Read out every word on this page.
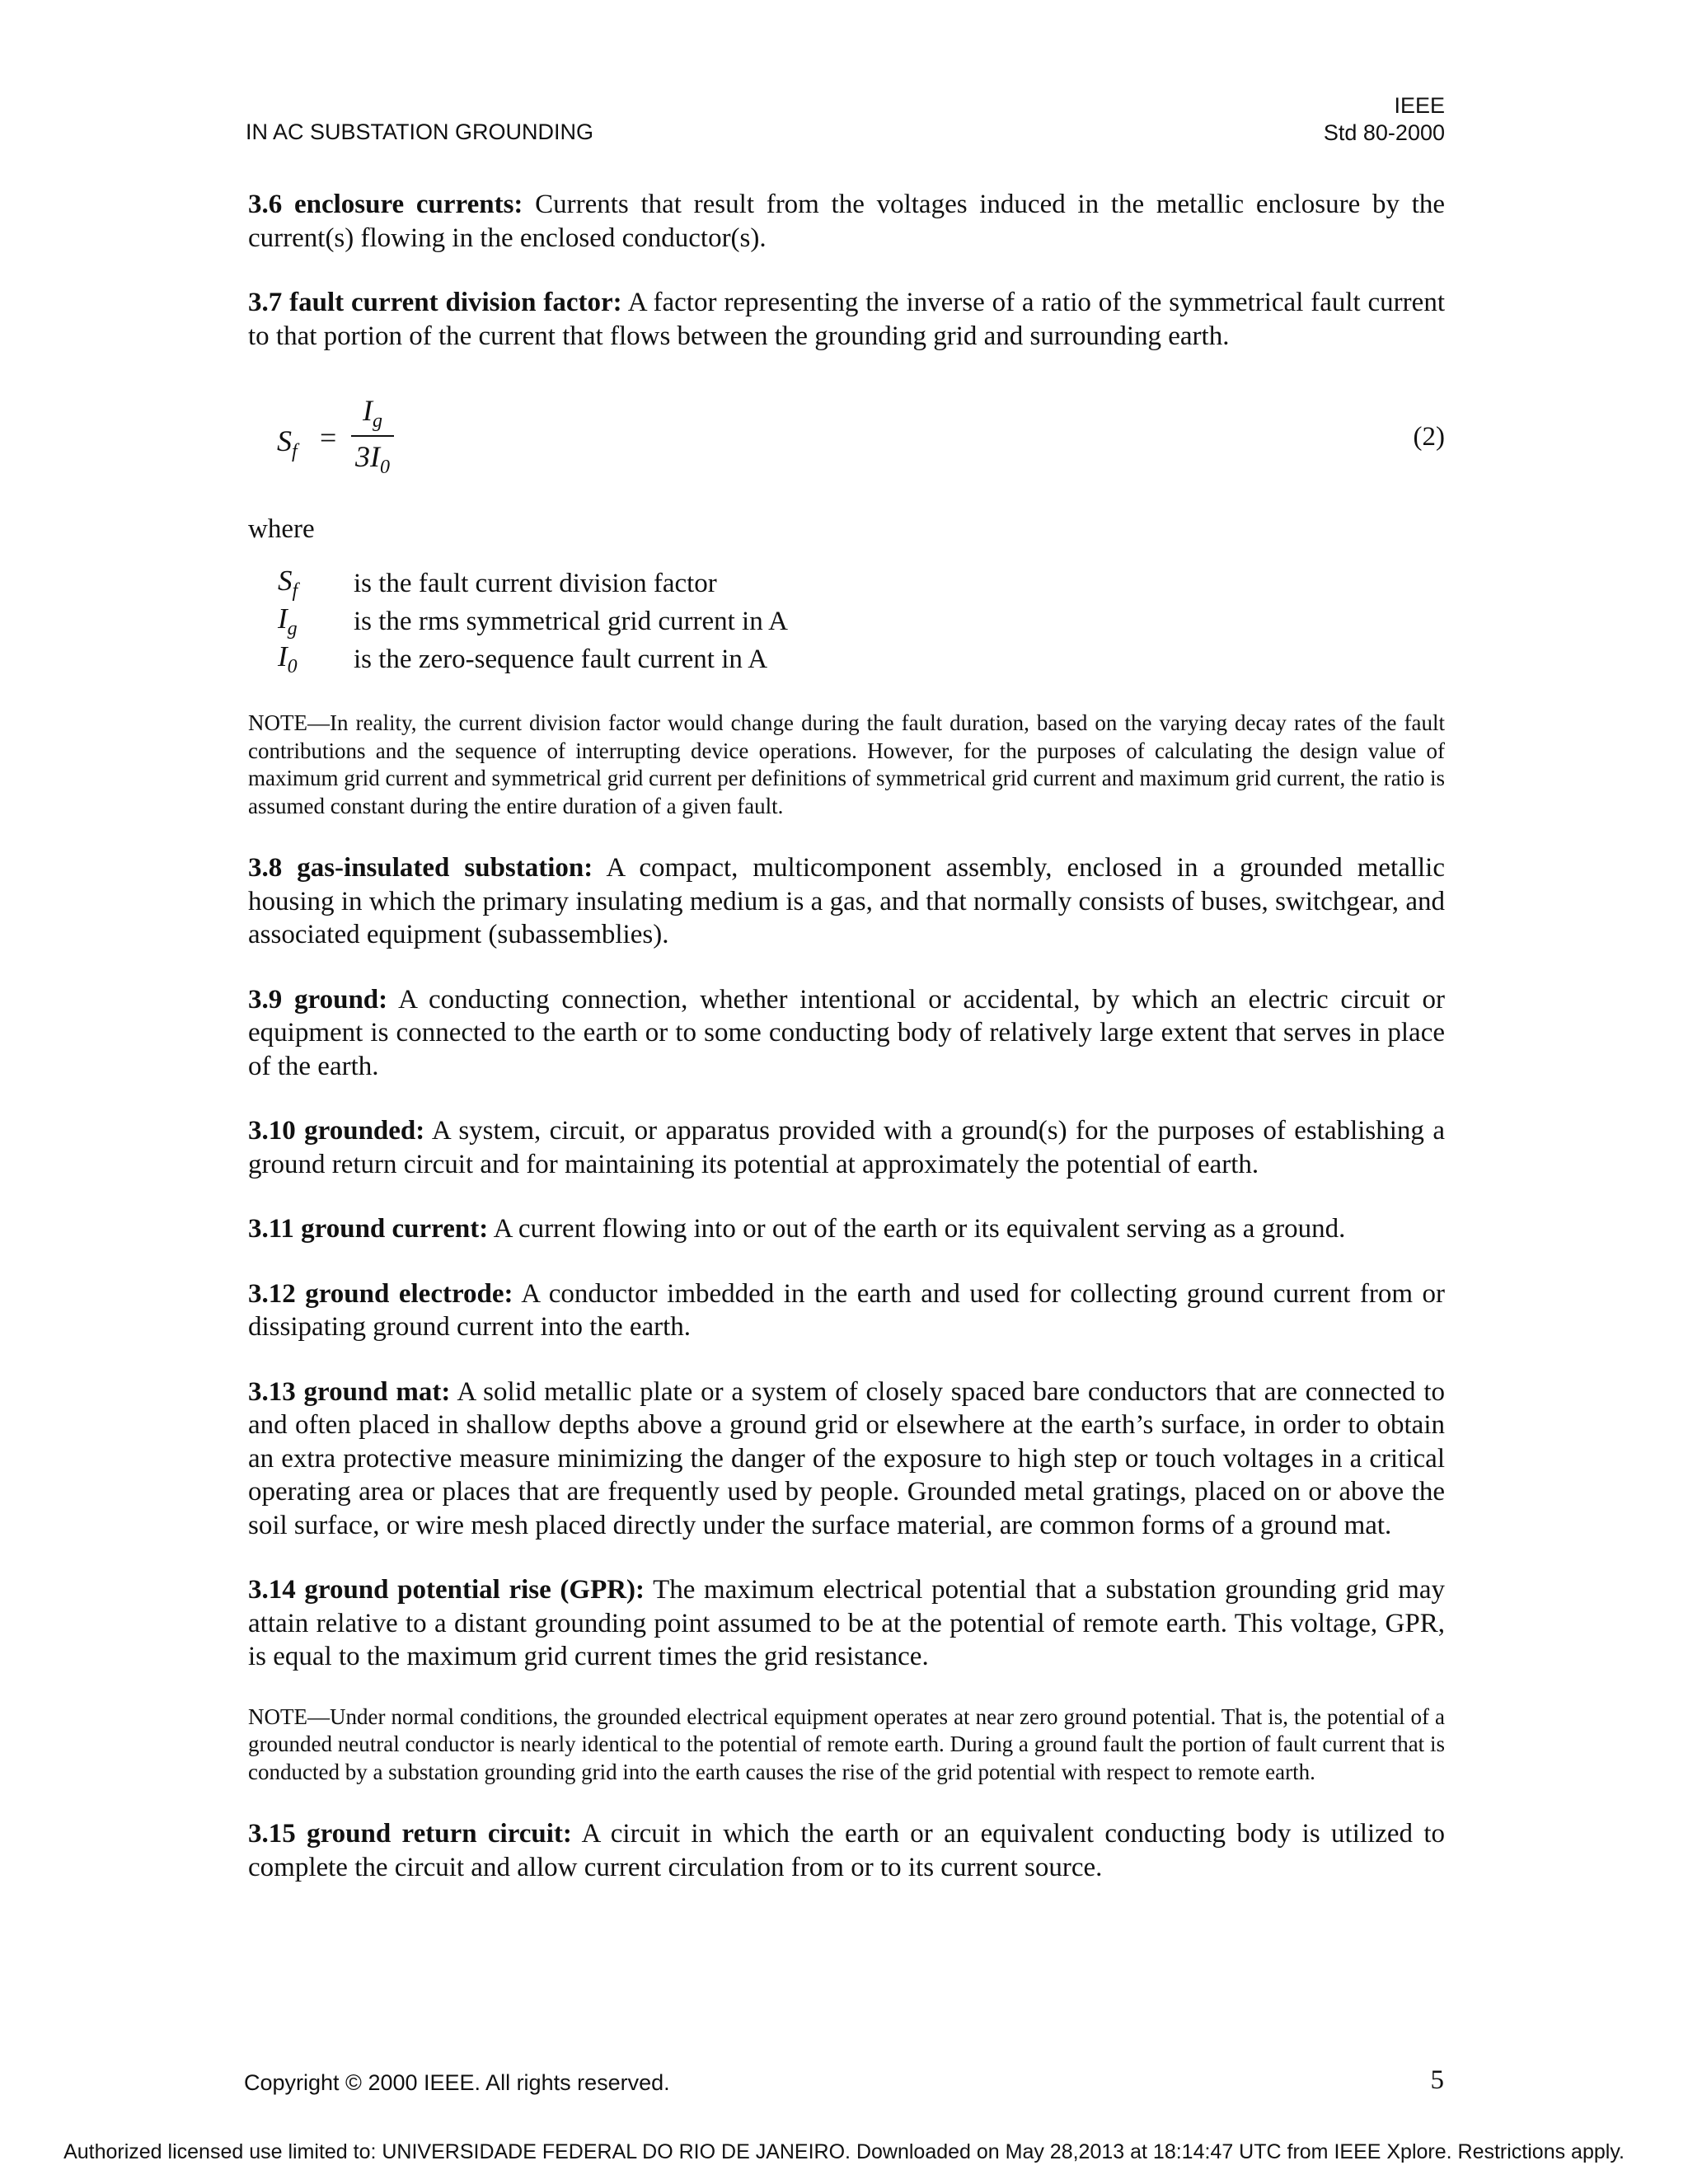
IN AC SUBSTATION GROUNDING
IEEE
Std 80-2000

3.6 enclosure currents: Currents that result from the voltages induced in the metallic enclosure by the current(s) flowing in the enclosed conductor(s).

3.7 fault current division factor: A factor representing the inverse of a ratio of the symmetrical fault current to that portion of the current that flows between the grounding grid and surrounding earth.

$S_f$ =
$I_g$
$3I_0$
(2)
where
$S_f$	is the fault current division factor
$I_g$	is the rms symmetrical grid current in A
$I_0$	is the zero-sequence fault current in A

NOTE—In reality, the current division factor would change during the fault duration, based on the varying decay rates of the fault contributions and the sequence of interrupting device operations. However, for the purposes of calculating the design value of maximum grid current and symmetrical grid current per definitions of symmetrical grid current and maximum grid current, the ratio is assumed constant during the entire duration of a given fault.

3.8 gas-insulated substation: A compact, multicomponent assembly, enclosed in a grounded metallic housing in which the primary insulating medium is a gas, and that normally consists of buses, switchgear, and associated equipment (subassemblies).

3.9 ground: A conducting connection, whether intentional or accidental, by which an electric circuit or equipment is connected to the earth or to some conducting body of relatively large extent that serves in place of the earth.

3.10 grounded: A system, circuit, or apparatus provided with a ground(s) for the purposes of establishing a ground return circuit and for maintaining its potential at approximately the potential of earth.

3.11 ground current: A current flowing into or out of the earth or its equivalent serving as a ground.

3.12 ground electrode: A conductor imbedded in the earth and used for collecting ground current from or dissipating ground current into the earth.

3.13 ground mat: A solid metallic plate or a system of closely spaced bare conductors that are connected to and often placed in shallow depths above a ground grid or elsewhere at the earth’s surface, in order to obtain an extra protective measure minimizing the danger of the exposure to high step or touch voltages in a critical operating area or places that are frequently used by people. Grounded metal gratings, placed on or above the soil surface, or wire mesh placed directly under the surface material, are common forms of a ground mat.

3.14 ground potential rise (GPR): The maximum electrical potential that a substation grounding grid may attain relative to a distant grounding point assumed to be at the potential of remote earth. This voltage, GPR, is equal to the maximum grid current times the grid resistance.

NOTE—Under normal conditions, the grounded electrical equipment operates at near zero ground potential. That is, the potential of a grounded neutral conductor is nearly identical to the potential of remote earth. During a ground fault the portion of fault current that is conducted by a substation grounding grid into the earth causes the rise of the grid potential with respect to remote earth.

3.15 ground return circuit: A circuit in which the earth or an equivalent conducting body is utilized to complete the circuit and allow current circulation from or to its current source.

Copyright © 2000 IEEE. All rights reserved.	5
Authorized licensed use limited to: UNIVERSIDADE FEDERAL DO RIO DE JANEIRO. Downloaded on May 28,2013 at 18:14:47 UTC from IEEE Xplore. Restrictions apply.
